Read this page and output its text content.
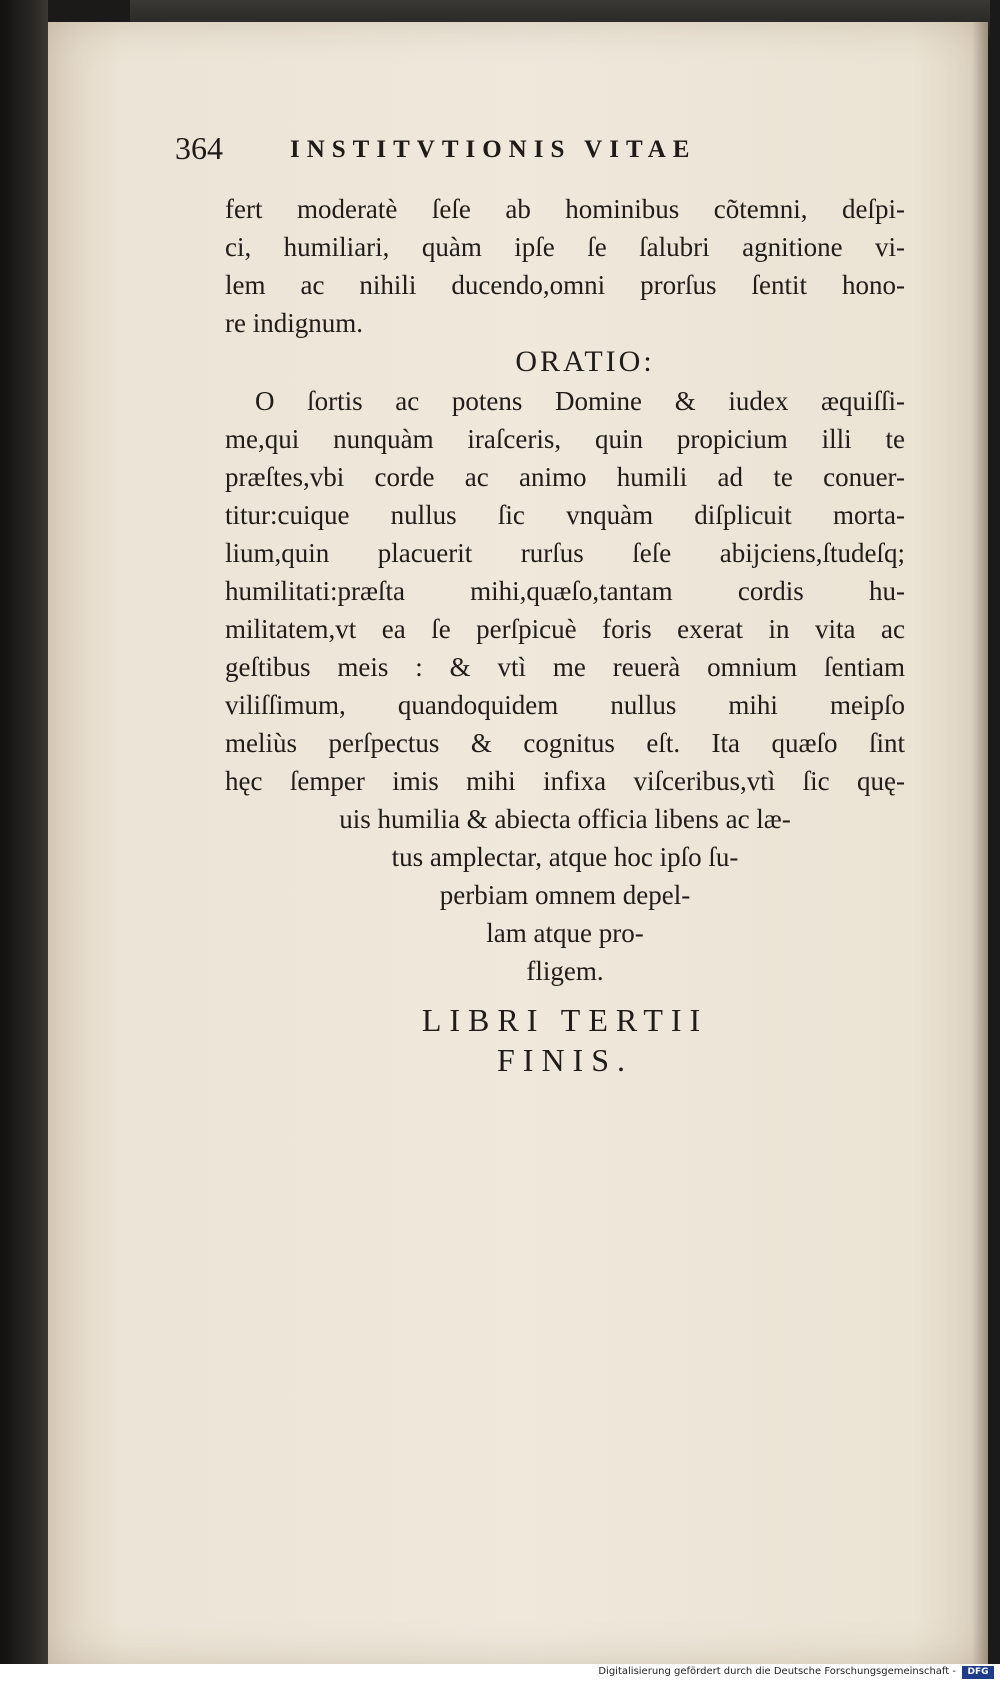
364	INSTITVTIONIS VITAE
fert moderatè ſeſe ab hominibus cõtemni, deſpi-
ci, humiliari, quàm ipſe ſe ſalubri agnitione vi-
lem ac nihili ducendo,omni prorſus ſentit hono-
re indignum.
ORATIO:
O ſortis ac potens Domine & iudex æquiſſi-
me,qui nunquàm iraſceris, quin propicium illi te
præſtes,vbi corde ac animo humili ad te conuer-
titur:cuique nullus ſic vnquàm diſplicuit morta-
lium,quin placuerit rurſus ſeſe abijciens,ſtudeſq;
humilitati:præſta mihi,quæſo,tantam cordis hu-
militatem,vt ea ſe perſpicuè foris exerat in vita ac
geſtibus meis : & vtì me reuerà omnium ſentiam
viliſſimum, quandoquidem nullus mihi meipſo
meliùs perſpectus & cognitus eſt. Ita quæſo ſint
hęc ſemper imis mihi infixa viſceribus,vtì ſic quę-
uis humilia & abiecta officia libens ac læ-
tus amplectar, atque hoc ipſo ſu-
perbiam omnem depel-
lam atque pro-
fligem.
LIBRI TERTII
FINIS.
Digitalisierung gefördert durch die Deutsche Forschungsgemeinschaft -	DFG
